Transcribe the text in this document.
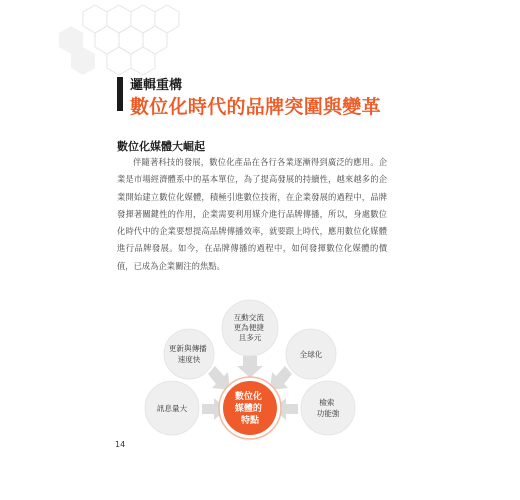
邏輯重構
數位化時代的品牌突圍與變革
數位化媒體大崛起

伴隨著科技的發展，數位化產品在各行各業逐漸得到廣泛的應用。企業是市場經濟體系中的基本單位，為了提高發展的持續性，越來越多的企業開始建立數位化媒體，積極引進數位技術，在企業發展的過程中，品牌發揮著關鍵性的作用，企業需要利用媒介進行品牌傳播，所以，身處數位化時代中的企業要想提高品牌傳播效率，就要跟上時代，應用數位化媒體進行品牌發展。如今，在品牌傳播的過程中，如何發揮數位化媒體的價值，已成為企業關注的焦點。

互動交流 更為便捷 且多元
更新與傳播 速度快
全球化
訊息量大
檢索 功能強
數位化 媒體的 特點
14
